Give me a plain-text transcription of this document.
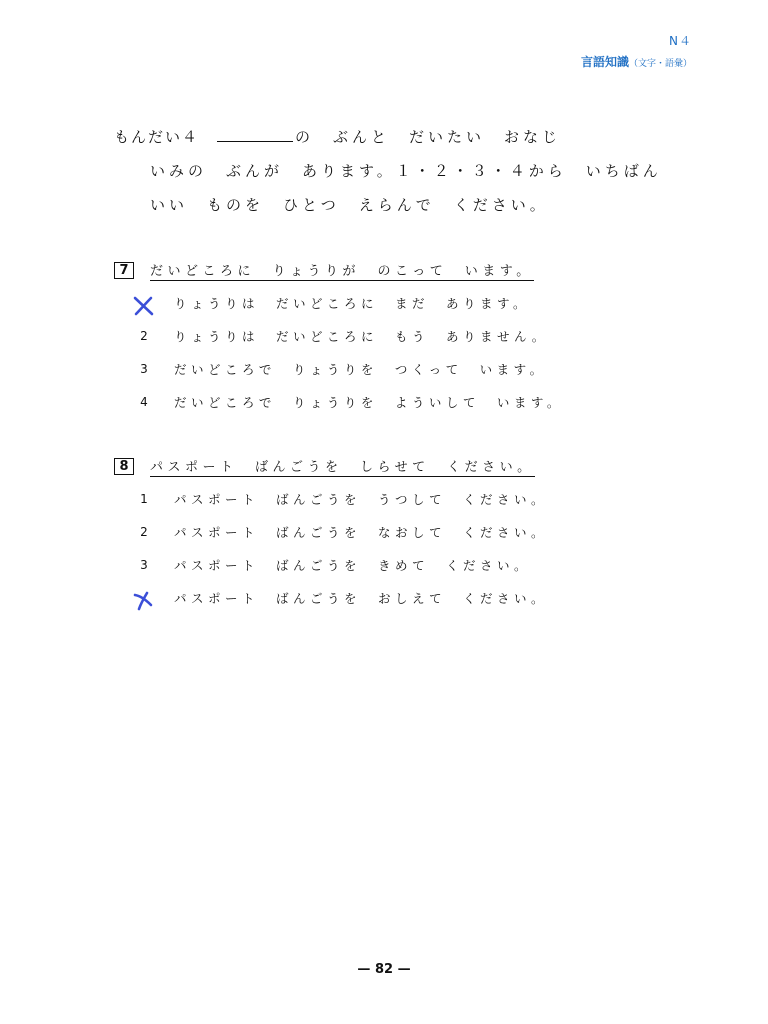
N４
言語知識（文字・語彙）
もんだい４	の　ぶんと　だいたい　おなじ
いみの　ぶんが　あります。１・２・３・４から　いちばん
いい　ものを　ひとつ　えらんで　ください。
7	だいどころに　りょうりが　のこって　います。
りょうりは　だいどころに　まだ　あります。
2	りょうりは　だいどころに　もう　ありません。
3	だいどころで　りょうりを　つくって　います。
4	だいどころで　りょうりを　よういして　います。
8	パスポート　ばんごうを　しらせて　ください。
1	パスポート　ばんごうを　うつして　ください。
2	パスポート　ばんごうを　なおして　ください。
3	パスポート　ばんごうを　きめて　ください。
パスポート　ばんごうを　おしえて　ください。
— 82 —
